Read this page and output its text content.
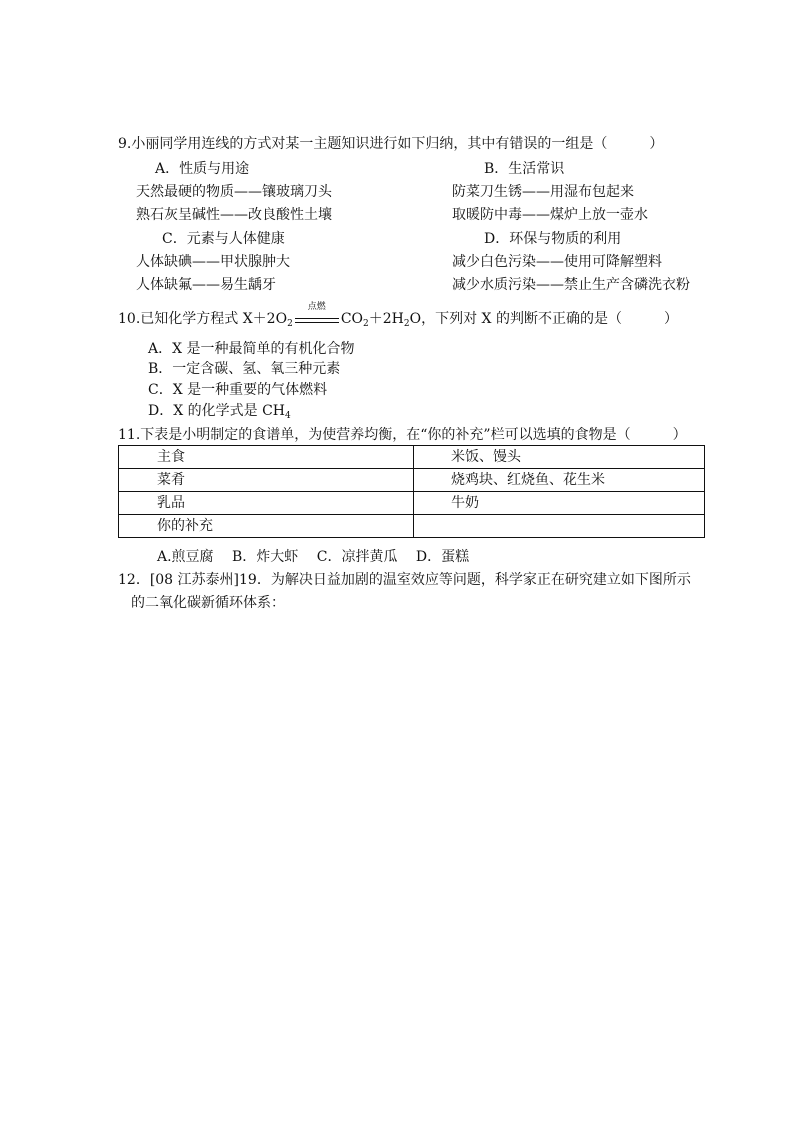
9.小丽同学用连线的方式对某一主题知识进行如下归纳，其中有错误的一组是（　　　）
A．性质与用途	B．生活常识
天然最硬的物质——镶玻璃刀头	防菜刀生锈——用湿布包起来
熟石灰呈碱性——改良酸性土壤	取暖防中毒——煤炉上放一壶水
C．元素与人体健康	D．环保与物质的利用
人体缺碘——甲状腺肿大	减少白色污染——使用可降解塑料
人体缺氟——易生龋牙	减少水质污染——禁止生产含磷洗衣粉
10.已知化学方程式 $X+2O_2$
点燃
$CO_2+2H_2O$，下列对 X 的判断不正确的是（　　　）
A．X 是一种最简单的有机化合物
B．一定含碳、氢、氧三种元素
C．X 是一种重要的气体燃料
D．X 的化学式是 $CH_4$
11.下表是小明制定的食谱单，为使营养均衡，在“你的补充”栏可以选填的食物是（　　　）
主食	米饭、馒头
菜肴	烧鸡块、红烧鱼、花生米
乳品	牛奶
你的补充	
A.煎豆腐　 B．炸大虾　 C．凉拌黄瓜　 D．蛋糕
12．[08 江苏泰州]19．为解决日益加剧的温室效应等问题，科学家正在研究建立如下图所示
的二氧化碳新循环体系：
